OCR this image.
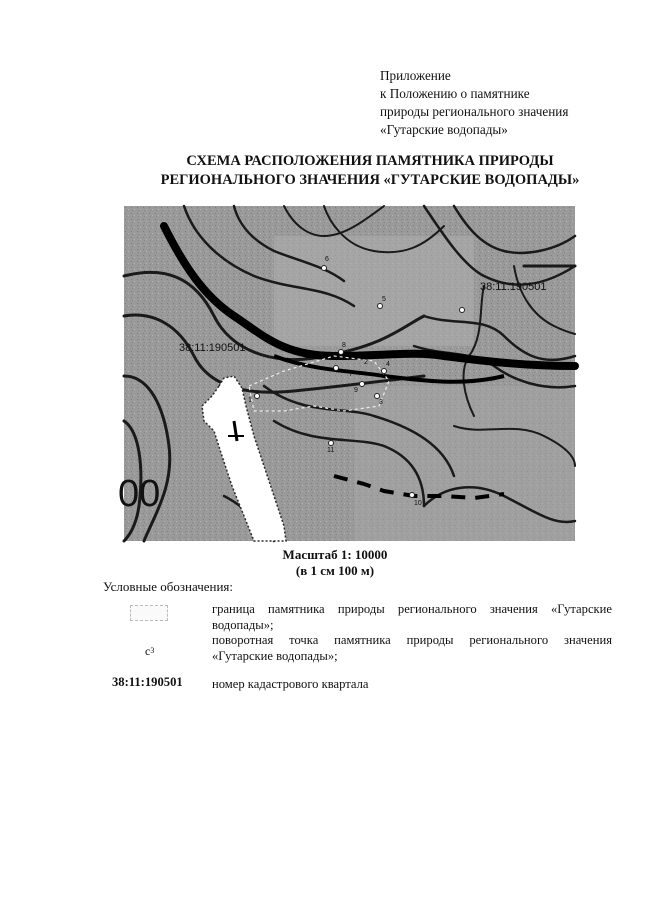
Приложение
к Положению о памятнике
природы регионального значения
«Гутарские водопады»
СХЕМА РАСПОЛОЖЕНИЯ ПАМЯТНИКА ПРИРОДЫ
РЕГИОНАЛЬНОГО ЗНАЧЕНИЯ «ГУТАРСКИЕ ВОДОПАДЫ»
6
5
8
2
9
3
1
11
10
4
7
38:11:190501
38:11:190501
00
Масштаб 1: 10000
(в 1 см 100 м)
Условные обозначения:
граница памятника природы регионального значения «Гутарские водопады»;
$с^3$
поворотная точка памятника природы регионального значения «Гутарские водопады»;
38:11:190501 номер кадастрового квартала
